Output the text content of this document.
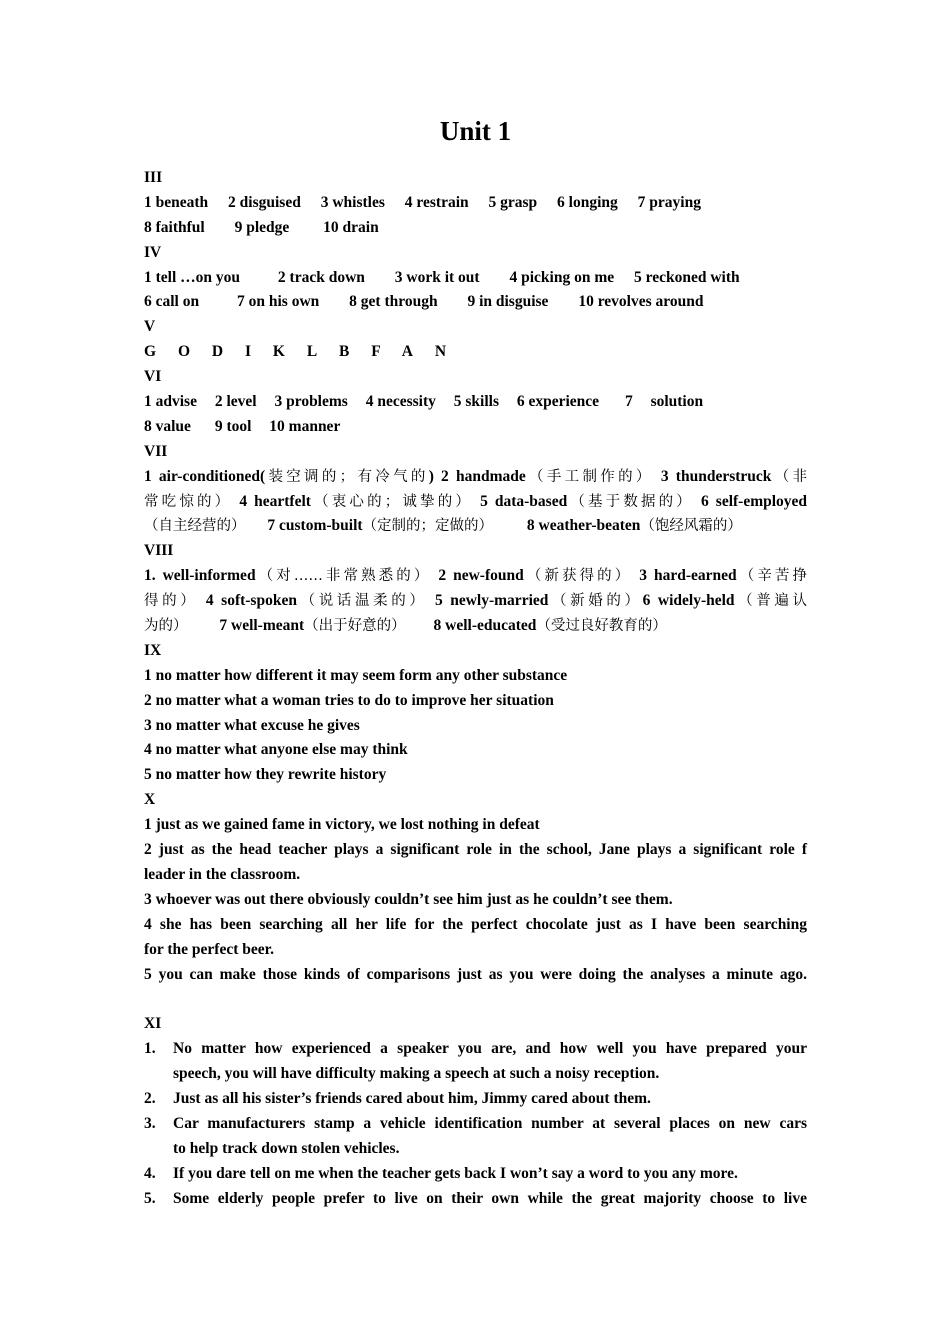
Unit 1
III
1 beneath 2 disguised 3 whistles 4 restrain 5 grasp 6 longing 7 praying
8 faithful 9 pledge 10 drain
IV
1 tell …on you 2 track down 3 work it out 4 picking on me 5 reckoned with
6 call on 7 on his own 8 get through 9 in disguise 10 revolves around
V
G O D I K L B F A N
VI
1 advise 2 level 3 problems 4 necessity 5 skills 6 experience 7 solution
8 value 9 tool 10 manner
VII
1 air-conditioned(装空调的；有冷气的) 2 handmade（手工制作的） 3 thunderstruck（非
常吃惊的） 4 heartfelt（衷心的；诚挚的） 5 data-based（基于数据的） 6 self-employed
（自主经营的） 7 custom-built（定制的；定做的） 8 weather-beaten（饱经风霜的）
VIII
1. well-informed（对……非常熟悉的） 2 new-found（新获得的） 3 hard-earned（辛苦挣
得的） 4 soft-spoken（说话温柔的） 5 newly-married（新婚的）6 widely-held（普遍认
为的） 7 well-meant（出于好意的） 8 well-educated（受过良好教育的）
IX
1 no matter how different it may seem form any other substance
2 no matter what a woman tries to do to improve her situation
3 no matter what excuse he gives
4 no matter what anyone else may think
5 no matter how they rewrite history
X
1 just as we gained fame in victory, we lost nothing in defeat
2 just as the head teacher plays a significant role in the school, Jane plays a significant role f
leader in the classroom.
3 whoever was out there obviously couldn’t see him just as he couldn’t see them.
4 she has been searching all her life for the perfect chocolate just as I have been searching
for the perfect beer.
5 you can make those kinds of comparisons just as you were doing the analyses a minute ago.
XI
1. No matter how experienced a speaker you are, and how well you have prepared your
speech, you will have difficulty making a speech at such a noisy reception.
2. Just as all his sister’s friends cared about him, Jimmy cared about them.
3. Car manufacturers stamp a vehicle identification number at several places on new cars
to help track down stolen vehicles.
4. If you dare tell on me when the teacher gets back I won’t say a word to you any more.
5. Some elderly people prefer to live on their own while the great majority choose to live
